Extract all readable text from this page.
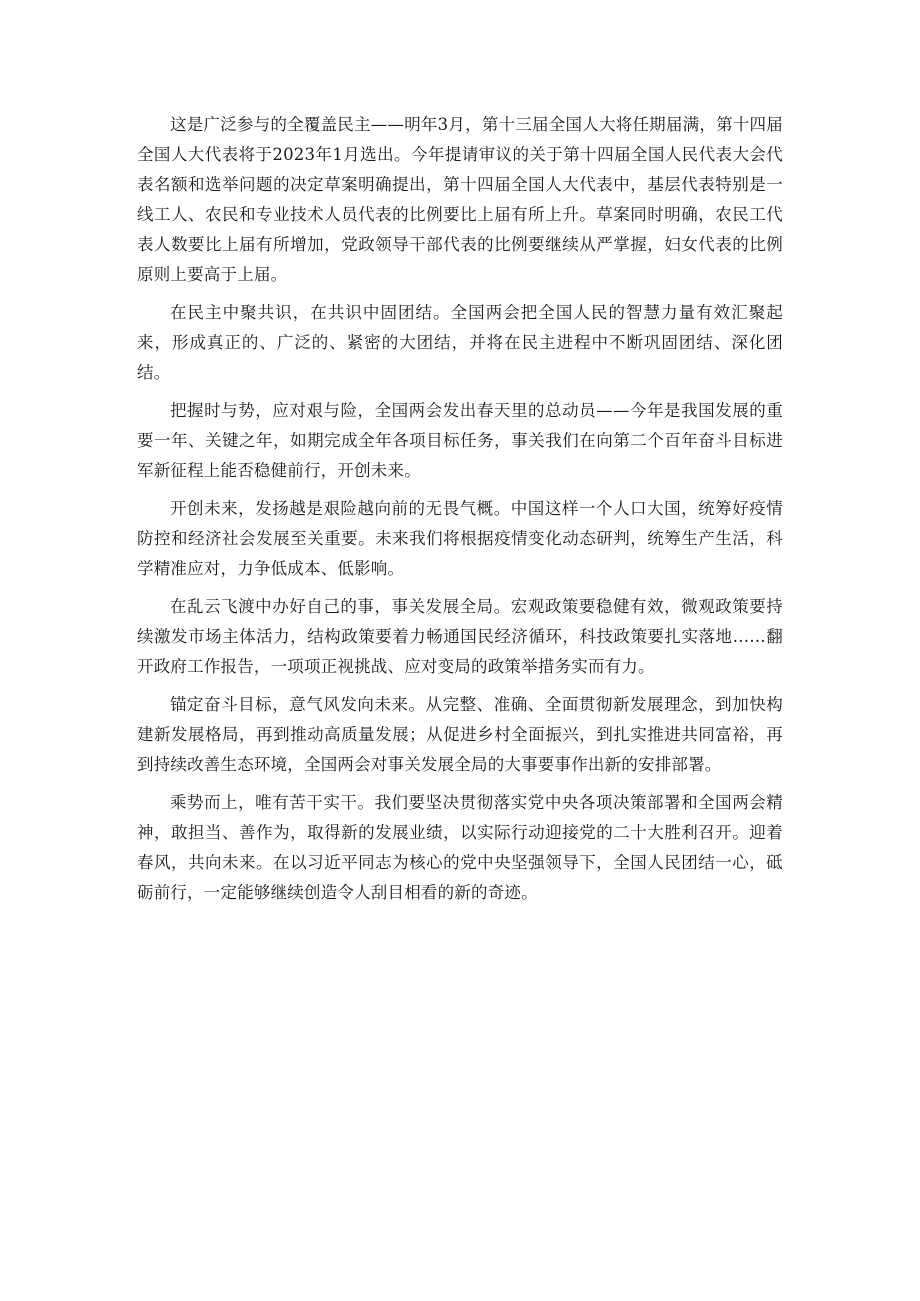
这是广泛参与的全覆盖民主——明年3月，第十三届全国人大将任期届满，第十四届全国人大代表将于2023年1月选出。今年提请审议的关于第十四届全国人民代表大会代表名额和选举问题的决定草案明确提出，第十四届全国人大代表中，基层代表特别是一线工人、农民和专业技术人员代表的比例要比上届有所上升。草案同时明确，农民工代表人数要比上届有所增加，党政领导干部代表的比例要继续从严掌握，妇女代表的比例原则上要高于上届。

在民主中聚共识，在共识中固团结。全国两会把全国人民的智慧力量有效汇聚起来，形成真正的、广泛的、紧密的大团结，并将在民主进程中不断巩固团结、深化团结。

把握时与势，应对艰与险，全国两会发出春天里的总动员——今年是我国发展的重要一年、关键之年，如期完成全年各项目标任务，事关我们在向第二个百年奋斗目标进军新征程上能否稳健前行，开创未来。

开创未来，发扬越是艰险越向前的无畏气概。中国这样一个人口大国，统筹好疫情防控和经济社会发展至关重要。未来我们将根据疫情变化动态研判，统筹生产生活，科学精准应对，力争低成本、低影响。

在乱云飞渡中办好自己的事，事关发展全局。宏观政策要稳健有效，微观政策要持续激发市场主体活力，结构政策要着力畅通国民经济循环，科技政策要扎实落地……翻开政府工作报告，一项项正视挑战、应对变局的政策举措务实而有力。

锚定奋斗目标，意气风发向未来。从完整、准确、全面贯彻新发展理念，到加快构建新发展格局，再到推动高质量发展；从促进乡村全面振兴，到扎实推进共同富裕，再到持续改善生态环境，全国两会对事关发展全局的大事要事作出新的安排部署。

乘势而上，唯有苦干实干。我们要坚决贯彻落实党中央各项决策部署和全国两会精神，敢担当、善作为，取得新的发展业绩，以实际行动迎接党的二十大胜利召开。迎着春风，共向未来。在以习近平同志为核心的党中央坚强领导下，全国人民团结一心，砥砺前行，一定能够继续创造令人刮目相看的新的奇迹。
